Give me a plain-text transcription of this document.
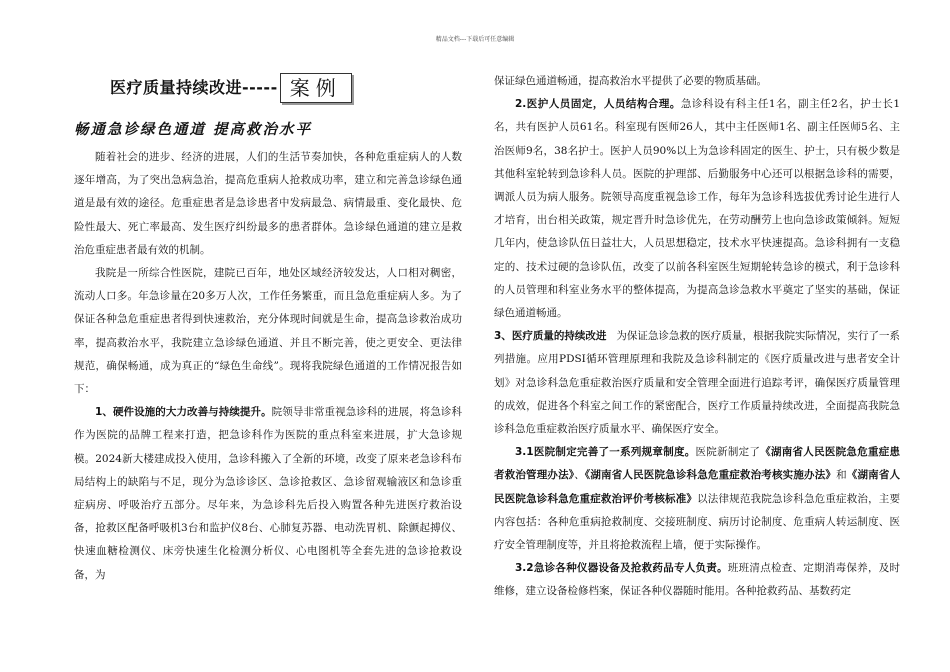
精品文档---下载后可任意编辑
医疗质量持续改进----- 案例
畅通急诊绿色通道 提高救治水平

随着社会的进步、经济的进展，人们的生活节奏加快，各种危重症病人的人数逐年增高，为了突出急病急治，提高危重病人抢救成功率，建立和完善急诊绿色通道是最有效的途径。危重症患者是急诊患者中发病最急、病情最重、变化最快、危险性最大、死亡率最高、发生医疗纠纷最多的患者群体。急诊绿色通道的建立是救治危重症患者最有效的机制。

我院是一所综合性医院，建院已百年，地处区域经济较发达，人口相对稠密，流动人口多。年急诊量在20多万人次，工作任务繁重，而且急危重症病人多。为了保证各种急危重症患者得到快速救治，充分体现时间就是生命，提高急诊救治成功率，提高救治水平，我院建立急诊绿色通道、并且不断完善，使之更安全、更法律规范，确保畅通，成为真正的“绿色生命线”。现将我院绿色通道的工作情况报告如下：

1、硬件设施的大力改善与持续提升。院领导非常重视急诊科的进展，将急诊科作为医院的品牌工程来打造，把急诊科作为医院的重点科室来进展，扩大急诊规模。2024新大楼建成投入使用，急诊科搬入了全新的环境，改变了原来老急诊科布局结构上的缺陷与不足，现分为急诊诊区、急诊抢救区、急诊留观输液区和急诊重症病房、呼吸治疗五部分。尽年来，为急诊科先后投入购置各种先进医疗救治设备，抢救区配备呼吸机3台和监护仪8台、心肺复苏器、电动洗胃机、除颤起搏仪、快速血糖检测仪、床旁快速生化检测分析仪、心电图机等全套先进的急诊抢救设备，为

保证绿色通道畅通，提高救治水平提供了必要的物质基础。

2.医护人员固定，人员结构合理。急诊科设有科主任1名，副主任2名，护士长1名，共有医护人员61名。科室现有医师26人，其中主任医师1名、副主任医师5名、主治医师9名，38名护士。医护人员90%以上为急诊科固定的医生、护士，只有极少数是其他科室轮转到急诊科人员。医院的护理部、后勤服务中心还可以根据急诊科的需要，调派人员为病人服务。院领导高度重视急诊工作，每年为急诊科选拔优秀讨论生进行人才培育，出台相关政策，规定晋升时急诊优先，在劳动酬劳上也向急诊政策倾斜。短短几年内，使急诊队伍日益壮大，人员思想稳定，技术水平快速提高。急诊科拥有一支稳定的、技术过硬的急诊队伍，改变了以前各科室医生短期轮转急诊的模式，利于急诊科的人员管理和科室业务水平的整体提高，为提高急诊急救水平奠定了坚实的基础，保证绿色通道畅通。

3、医疗质量的持续改进 为保证急诊急救的医疗质量，根据我院实际情况，实行了一系列措施。应用PDSI循环管理原理和我院及急诊科制定的《医疗质量改进与患者安全计划》对急诊科急危重症救治医疗质量和安全管理全面进行追踪考评，确保医疗质量管理的成效，促进各个科室之间工作的紧密配合，医疗工作质量持续改进，全面提高我院急诊科急危重症救治医疗质量水平、确保医疗安全。

3.1医院制定完善了一系列规章制度。医院新制定了《湖南省人民医院急危重症患者救治管理办法》、《湖南省人民医院急诊科急危重症救治考核实施办法》和《湖南省人民医院急诊科急危重症救治评价考核标准》以法律规范我院急诊科急危重症救治，主要内容包括：各种危重病抢救制度、交接班制度、病历讨论制度、危重病人转运制度、医疗安全管理制度等，并且将抢救流程上墙，便于实际操作。

3.2急诊各种仪器设备及抢救药品专人负责。班班清点检查、定期消毒保养，及时维修，建立设备检修档案，保证各种仪器随时能用。各种抢救药品、基数药定
